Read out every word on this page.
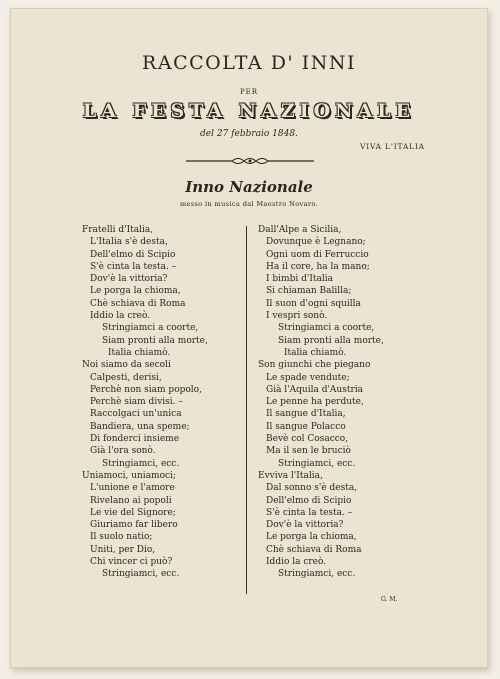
RACCOLTA D' INNI
PER
LA FESTA NAZIONALE
del 27 febbraio 1848.
VIVA L'ITALIA
Inno Nazionale
messo in musica dal Maestro Novaro.
Fratelli d'Italia,
L'Italia s'è desta,
Dell'elmo di Scipio
S'è cinta la testa. –
Dov'è la vittoria?
Le porga la chioma,
Chè schiava di Roma
Iddio la creò.
Stringiamci a coorte,
Siam pronti alla morte,
Italia chiamò.
Noi siamo da secoli
Calpesti, derisi,
Perchè non siam popolo,
Perchè siam divisi. –
Raccolgaci un'unica
Bandiera, una speme;
Di fonderci insieme
Già l'ora sonò.
Stringiamci, ecc.
Uniamoci, uniamoci;
L'unione e l'amore
Rivelano ai popoli
Le vie del Signore;
Giuriamo far libero
Il suolo natio;
Uniti, per Dio,
Chi vincer ci può?
Stringiamci, ecc.
Dall'Alpe a Sicilia,
Dovunque è Legnano;
Ogni uom di Ferruccio
Ha il core, ha la mano;
I bimbi d'Italia
Si chiaman Balilla;
Il suon d'ogni squilla
I vespri sonò.
Stringiamci a coorte,
Siam pronti alla morte,
Italia chiamò.
Son giunchi che piegano
Le spade vendute;
Già l'Aquila d'Austria
Le penne ha perdute,
Il sangue d'Italia,
Il sangue Polacco
Bevè col Cosacco,
Ma il sen le bruciò
Stringiamci, ecc.
Evviva l'Italia,
Dal sonno s'è desta,
Dell'elmo di Scipio
S'è cinta la testa. –
Dov'è la vittoria?
Le porga la chioma,
Chè schiava di Roma
Iddio la creò.
Stringiamci, ecc.
G. M.
